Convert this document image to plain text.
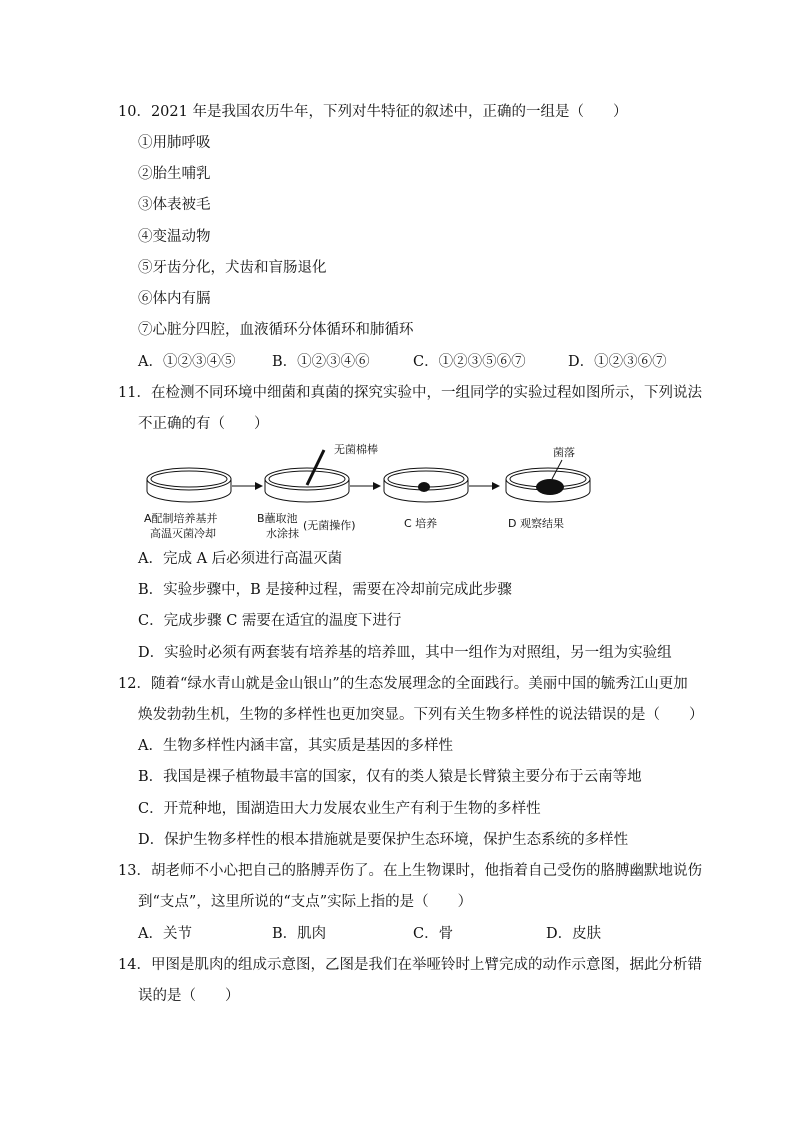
10．2021 年是我国农历牛年，下列对牛特征的叙述中，正确的一组是（　　）
①用肺呼吸
②胎生哺乳
③体表被毛
④变温动物
⑤牙齿分化，犬齿和盲肠退化
⑥体内有膈
⑦心脏分四腔，血液循环分体循环和肺循环
A．①②③④⑤	B．①②③④⑥	C．①②③⑤⑥⑦	D．①②③⑥⑦
11．在检测不同环境中细菌和真菌的探究实验中，一组同学的实验过程如图所示，下列说法
不正确的有（　　）
无菌棉棒	菌落
A配制培养基并
高温灭菌冷却
B蘸取池
水涂抹
(无菌操作)	C 培养	D 观察结果
A．完成 A 后必须进行高温灭菌
B．实验步骤中，B 是接种过程，需要在冷却前完成此步骤
C．完成步骤 C 需要在适宜的温度下进行
D．实验时必须有两套装有培养基的培养皿，其中一组作为对照组，另一组为实验组
12．随着“绿水青山就是金山银山”的生态发展理念的全面践行。美丽中国的毓秀江山更加
焕发勃勃生机，生物的多样性也更加突显。下列有关生物多样性的说法错误的是（　　）
A．生物多样性内涵丰富，其实质是基因的多样性
B．我国是裸子植物最丰富的国家，仅有的类人猿是长臂猿主要分布于云南等地
C．开荒种地，围湖造田大力发展农业生产有利于生物的多样性
D．保护生物多样性的根本措施就是要保护生态环境，保护生态系统的多样性
13．胡老师不小心把自己的胳膊弄伤了。在上生物课时，他指着自己受伤的胳膊幽默地说伤
到“支点”，这里所说的“支点”实际上指的是（　　）
A．关节	B．肌肉	C．骨	D．皮肤
14．甲图是肌肉的组成示意图，乙图是我们在举哑铃时上臂完成的动作示意图，据此分析错
误的是（　　）
